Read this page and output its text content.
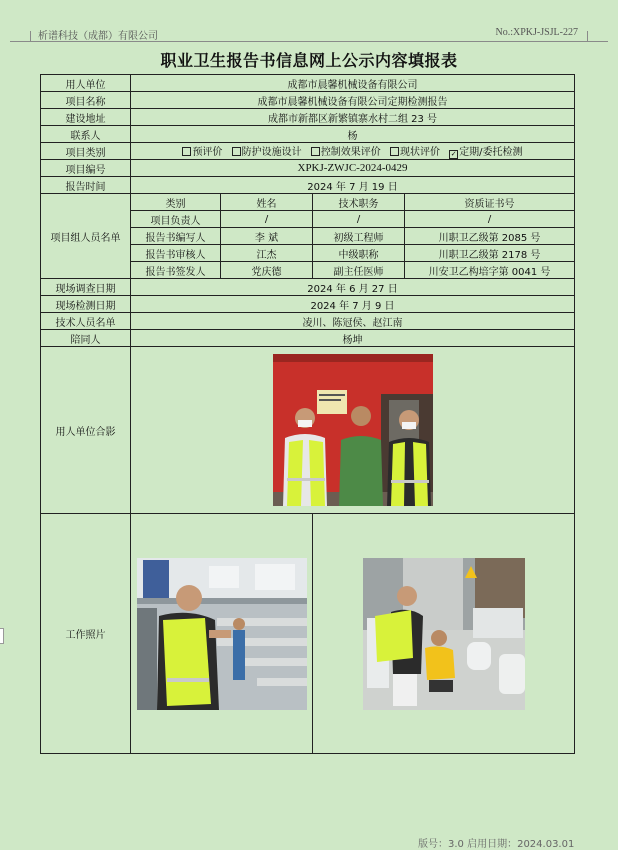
析谱科技（成都）有限公司	No.:XPKJ-JSJL-227
职业卫生报告书信息网上公示内容填报表
用人单位	成都市晨馨机械设备有限公司			
项目名称	成都市晨馨机械设备有限公司定期检测报告			
建设地址	成都市新都区新繁镇寨水村二组 23 号			
联系人	杨			
项目类别	预评价 防护设施设计 控制效果评价 现状评价 ✓ 定期/委托检测			
项目编号	XPKJ-ZWJC-2024-0429			
报告时间	2024 年 7 月 19 日			
项目组人员名单	类别	姓名	技术职务	资质证书号
	项目负责人	/	/	/
	报告书编写人	李 斌	初级工程师	川职卫乙级第 2085 号
	报告书审核人	江杰	中级职称	川职卫乙级第 2178 号
	报告书签发人	党庆德	副主任医师	川安卫乙构培字第 0041 号
现场调查日期	2024 年 6 月 27 日			
现场检测日期	2024 年 7 月 9 日			
技术人员名单	凌川、陈冠侯、赵江南			
陪同人	杨坤			
用人单位合影	

工作照片	

版号：3.0 启用日期：2024.03.01
